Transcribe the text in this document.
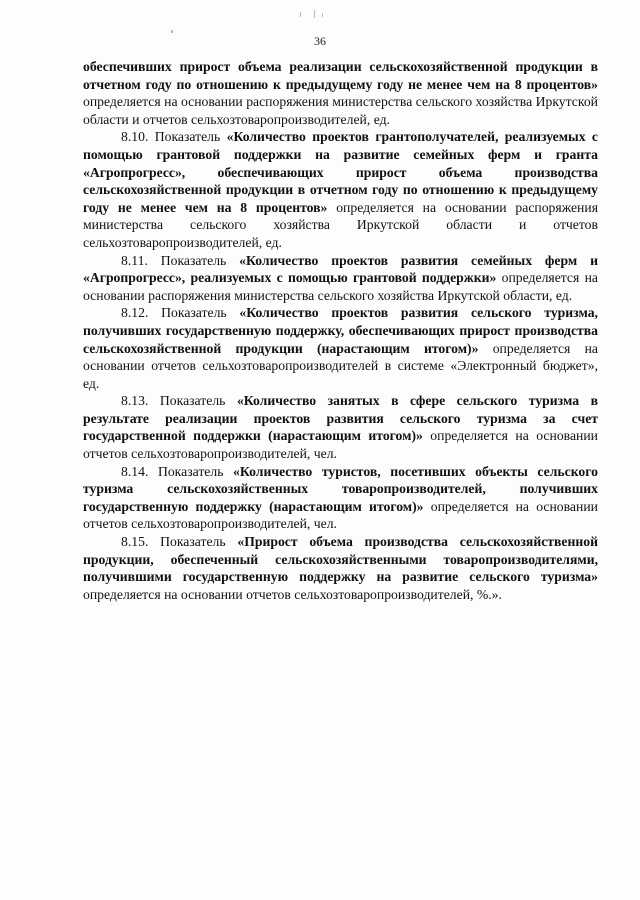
36

обеспечивших прирост объема реализации сельскохозяйственной продукции в отчетном году по отношению к предыдущему году не менее чем на 8 процентов» определяется на основании распоряжения министерства сельского хозяйства Иркутской области и отчетов сельхозтоваропроизводителей, ед.

8.10. Показатель «Количество проектов грантополучателей, реализуемых с помощью грантовой поддержки на развитие семейных ферм и гранта «Агропрогресс», обеспечивающих прирост объема производства сельскохозяйственной продукции в отчетном году по отношению к предыдущему году не менее чем на 8 процентов» определяется на основании распоряжения министерства сельского хозяйства Иркутской области и отчетов сельхозтоваропроизводителей, ед.

8.11. Показатель «Количество проектов развития семейных ферм и «Агропрогресс», реализуемых с помощью грантовой поддержки» определяется на основании распоряжения министерства сельского хозяйства Иркутской области, ед.

8.12. Показатель «Количество проектов развития сельского туризма, получивших государственную поддержку, обеспечивающих прирост производства сельскохозяйственной продукции (нарастающим итогом)» определяется на основании отчетов сельхозтоваропроизводителей в системе «Электронный бюджет», ед.

8.13. Показатель «Количество занятых в сфере сельского туризма в результате реализации проектов развития сельского туризма за счет государственной поддержки (нарастающим итогом)» определяется на основании отчетов сельхозтоваропроизводителей, чел.

8.14. Показатель «Количество туристов, посетивших объекты сельского туризма сельскохозяйственных товаропроизводителей, получивших государственную поддержку (нарастающим итогом)» определяется на основании отчетов сельхозтоваропроизводителей, чел.

8.15. Показатель «Прирост объема производства сельскохозяйственной продукции, обеспеченный сельскохозяйственными товаропроизводителями, получившими государственную поддержку на развитие сельского туризма» определяется на основании отчетов сельхозтоваропроизводителей, %.».
